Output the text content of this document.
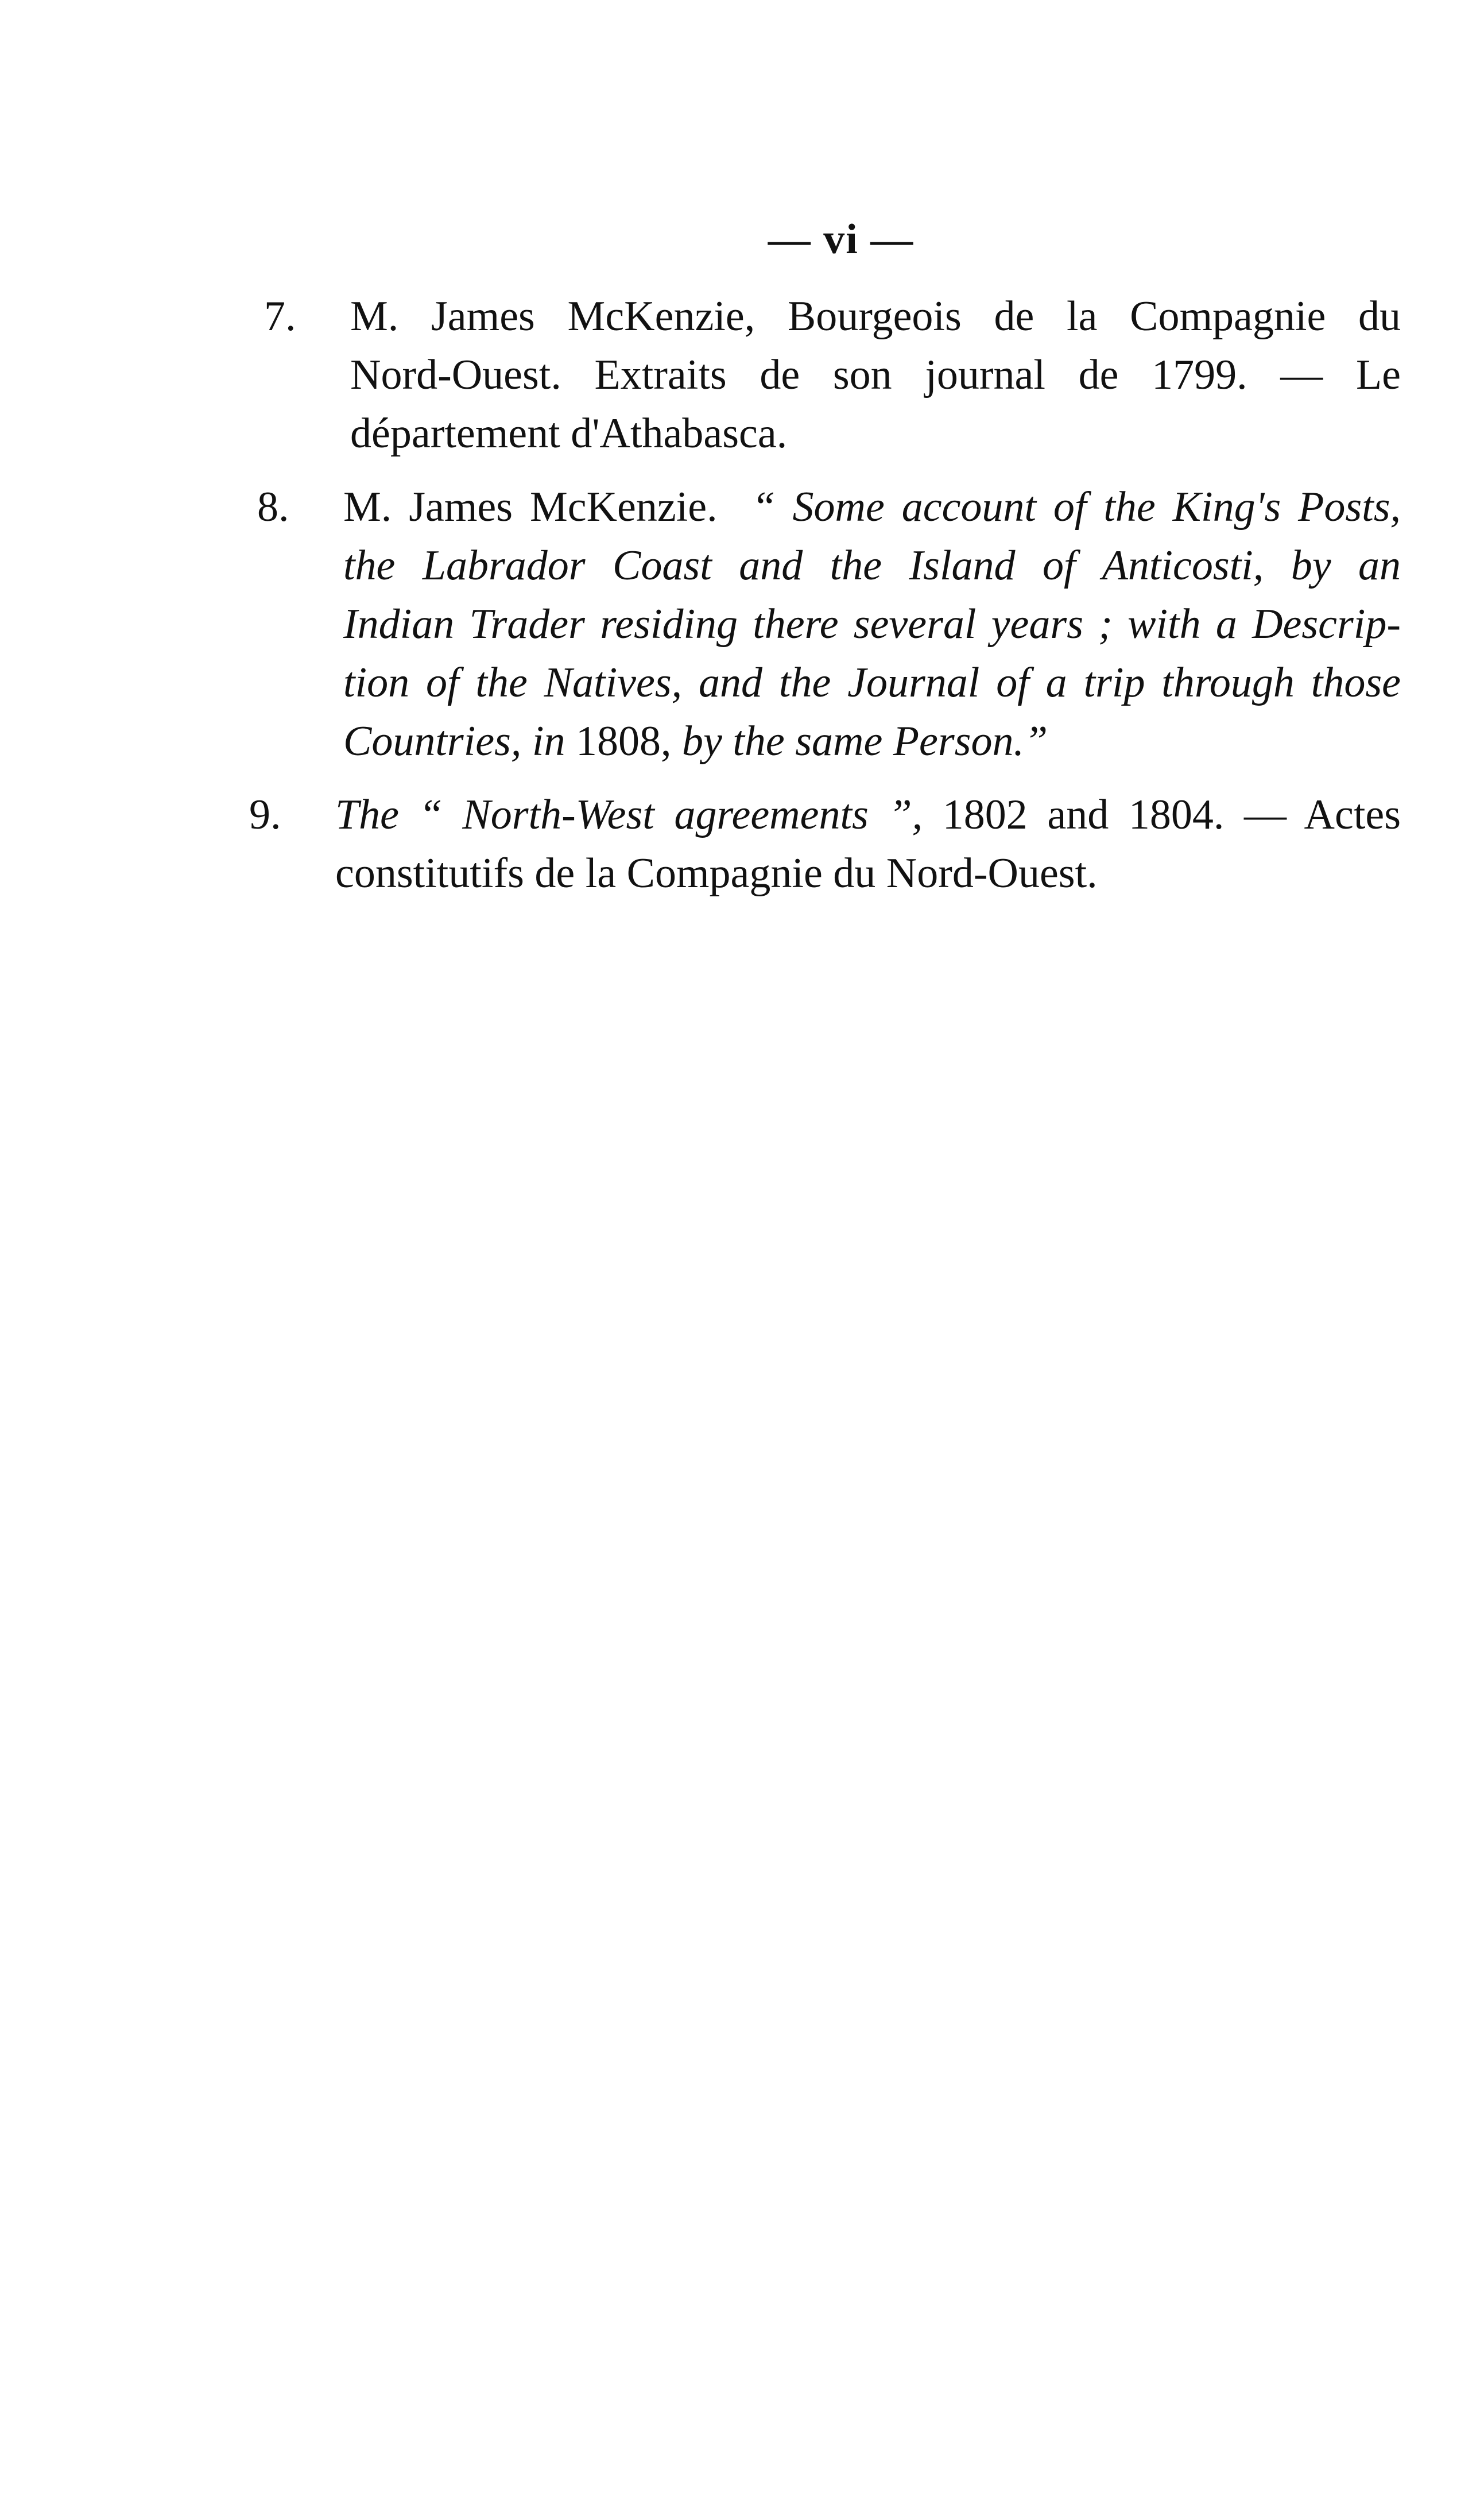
— vi —
7.	M. James McKenzie, Bourgeois de la Compagnie du
Nord-Ouest. Extraits de son journal de 1799. — Le
département d'Athabasca.
8.	M. James McKenzie. “ Some account of the King's Posts,
the Labrador Coast and the Island of Anticosti, by an
Indian Trader residing there several years ; with a Descrip-
tion of the Natives, and the Journal of a trip through those
Countries, in 1808, by the same Person.”
9.	The “ North-West agreements ”, 1802 and 1804. — Actes
constitutifs de la Compagnie du Nord-Ouest.
